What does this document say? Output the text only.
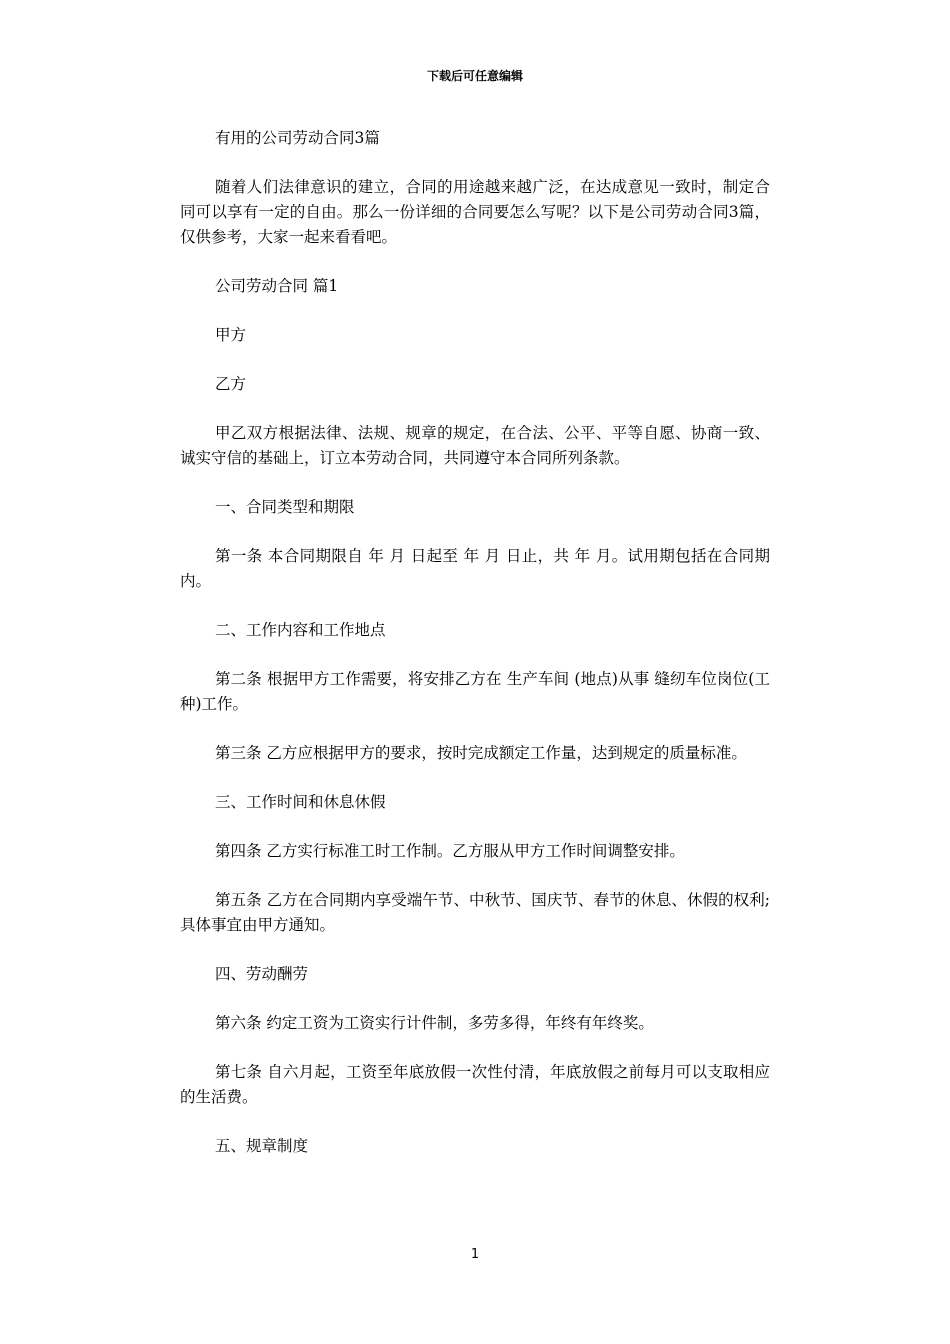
下载后可任意编辑

有用的公司劳动合同3篇

随着人们法律意识的建立，合同的用途越来越广泛，在达成意见一致时，制定合同可以享有一定的自由。那么一份详细的合同要怎么写呢？以下是公司劳动合同3篇，仅供参考，大家一起来看看吧。

公司劳动合同 篇1

甲方

乙方

甲乙双方根据法律、法规、规章的规定，在合法、公平、平等自愿、协商一致、诚实守信的基础上，订立本劳动合同，共同遵守本合同所列条款。

一、合同类型和期限

第一条 本合同期限自 年 月 日起至 年 月 日止，共 年 月。试用期包括在合同期内。

二、工作内容和工作地点

第二条 根据甲方工作需要，将安排乙方在 生产车间 (地点)从事 缝纫车位岗位(工种)工作。

第三条 乙方应根据甲方的要求，按时完成额定工作量，达到规定的质量标准。

三、工作时间和休息休假

第四条 乙方实行标准工时工作制。乙方服从甲方工作时间调整安排。

第五条 乙方在合同期内享受端午节、中秋节、国庆节、春节的休息、休假的权利;具体事宜由甲方通知。

四、劳动酬劳

第六条 约定工资为工资实行计件制，多劳多得，年终有年终奖。

第七条 自六月起，工资至年底放假一次性付清，年底放假之前每月可以支取相应的生活费。

五、规章制度

1
